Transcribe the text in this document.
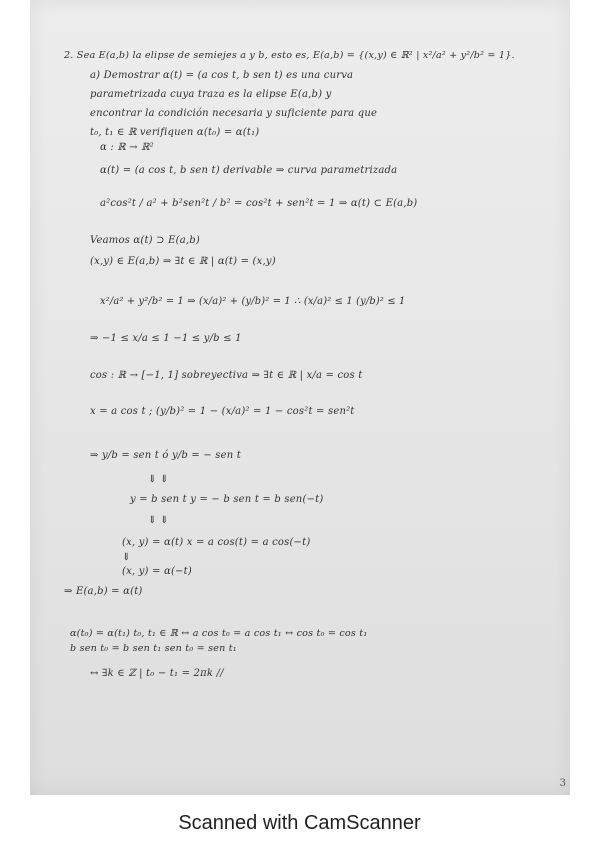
2. Sea E(a,b) la elipse de semiejes a y b, esto es, E(a,b) = {(x,y) ∈ ℝ² | x²/a² + y²/b² = 1}.
a) Demostrar α(t) = (a cos t, b sen t) es una curva
parametrizada cuya traza es la elipse E(a,b) y
encontrar la condición necesaria y suficiente para que
t₀, t₁ ∈ ℝ verifiquen α(t₀) = α(t₁)
α : ℝ → ℝ²
α(t) = (a cos t, b sen t) derivable ⇒ curva parametrizada
a²cos²t / a² + b²sen²t / b² = cos²t + sen²t = 1 ⇒ α(t) ⊂ E(a,b)
Veamos α(t) ⊃ E(a,b)
(x,y) ∈ E(a,b) ⇒ ∃t ∈ ℝ | α(t) = (x,y)
x²/a² + y²/b² = 1 ⇒ (x/a)² + (y/b)² = 1 ∴ (x/a)² ≤ 1 (y/b)² ≤ 1
⇒ −1 ≤ x/a ≤ 1 −1 ≤ y/b ≤ 1
cos : ℝ → [−1, 1] sobreyectiva ⇒ ∃t ∈ ℝ | x/a = cos t
x = a cos t ; (y/b)² = 1 − (x/a)² = 1 − cos²t = sen²t
⇒ y/b = sen t ó y/b = − sen t
⇓ ⇓
y = b sen t y = − b sen t = b sen(−t)
⇓ ⇓
(x, y) = α(t) x = a cos(t) = a cos(−t)
⇓
(x, y) = α(−t)
⇒ E(a,b) = α(t)
α(t₀) = α(t₁) t₀, t₁ ∈ ℝ ↔ a cos t₀ = a cos t₁ ↔ cos t₀ = cos t₁
b sen t₀ = b sen t₁ sen t₀ = sen t₁
↔ ∃k ∈ ℤ | t₀ − t₁ = 2πk //
3
Scanned with CamScanner
